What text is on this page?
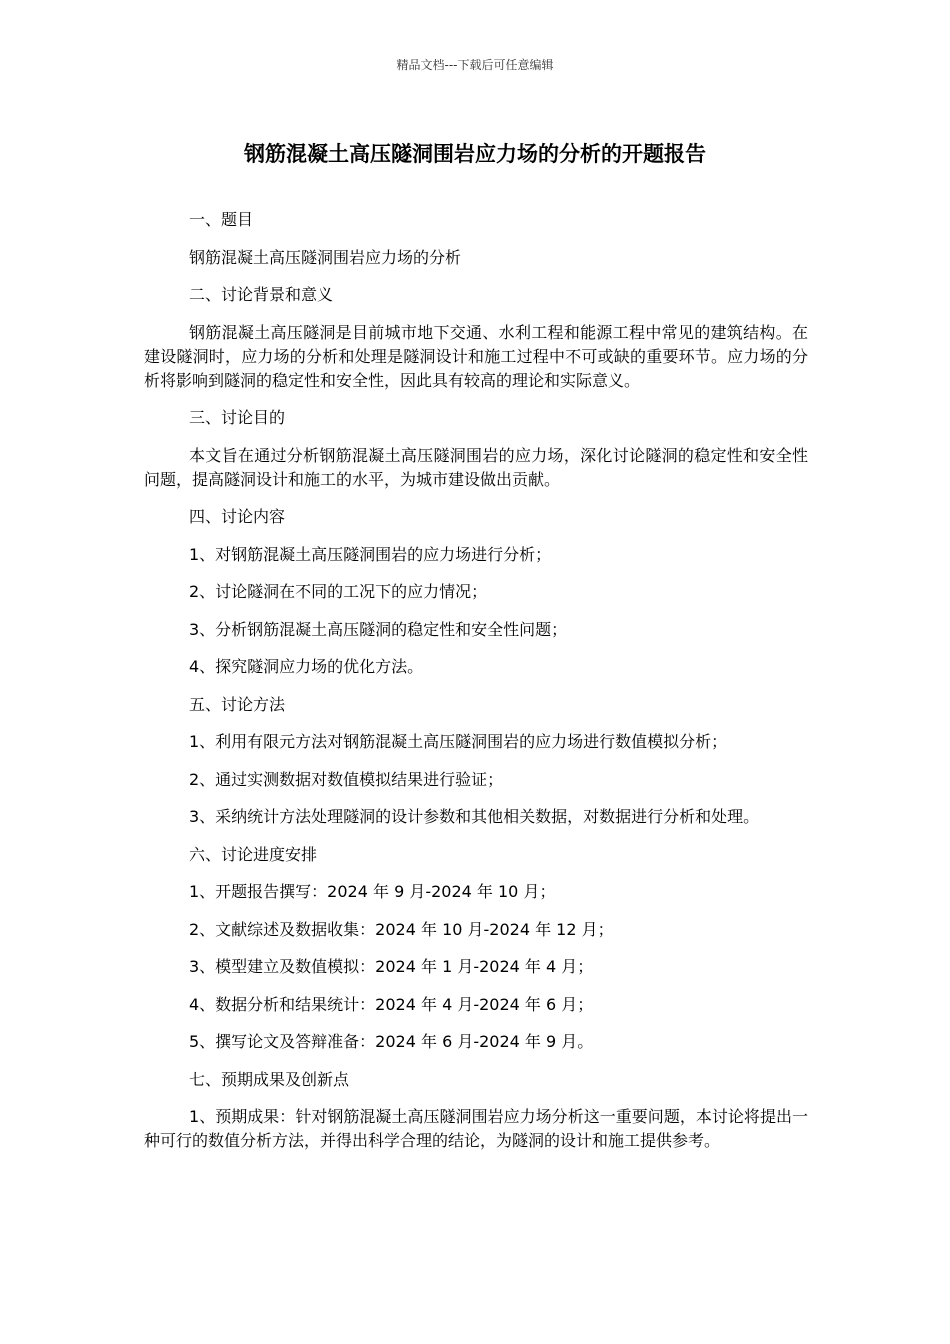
精品文档---下载后可任意编辑
钢筋混凝土高压隧洞围岩应力场的分析的开题报告

一、题目

钢筋混凝土高压隧洞围岩应力场的分析

二、讨论背景和意义

钢筋混凝土高压隧洞是目前城市地下交通、水利工程和能源工程中常见的建筑结构。在建设隧洞时，应力场的分析和处理是隧洞设计和施工过程中不可或缺的重要环节。应力场的分析将影响到隧洞的稳定性和安全性，因此具有较高的理论和实际意义。

三、讨论目的

本文旨在通过分析钢筋混凝土高压隧洞围岩的应力场，深化讨论隧洞的稳定性和安全性问题，提高隧洞设计和施工的水平，为城市建设做出贡献。

四、讨论内容

1、对钢筋混凝土高压隧洞围岩的应力场进行分析；

2、讨论隧洞在不同的工况下的应力情况；

3、分析钢筋混凝土高压隧洞的稳定性和安全性问题；

4、探究隧洞应力场的优化方法。

五、讨论方法

1、利用有限元方法对钢筋混凝土高压隧洞围岩的应力场进行数值模拟分析；

2、通过实测数据对数值模拟结果进行验证；

3、采纳统计方法处理隧洞的设计参数和其他相关数据，对数据进行分析和处理。

六、讨论进度安排

1、开题报告撰写：2024 年 9 月-2024 年 10 月；

2、文献综述及数据收集：2024 年 10 月-2024 年 12 月；

3、模型建立及数值模拟：2024 年 1 月-2024 年 4 月；

4、数据分析和结果统计：2024 年 4 月-2024 年 6 月；

5、撰写论文及答辩准备：2024 年 6 月-2024 年 9 月。

七、预期成果及创新点

1、预期成果：针对钢筋混凝土高压隧洞围岩应力场分析这一重要问题，本讨论将提出一种可行的数值分析方法，并得出科学合理的结论，为隧洞的设计和施工提供参考。
